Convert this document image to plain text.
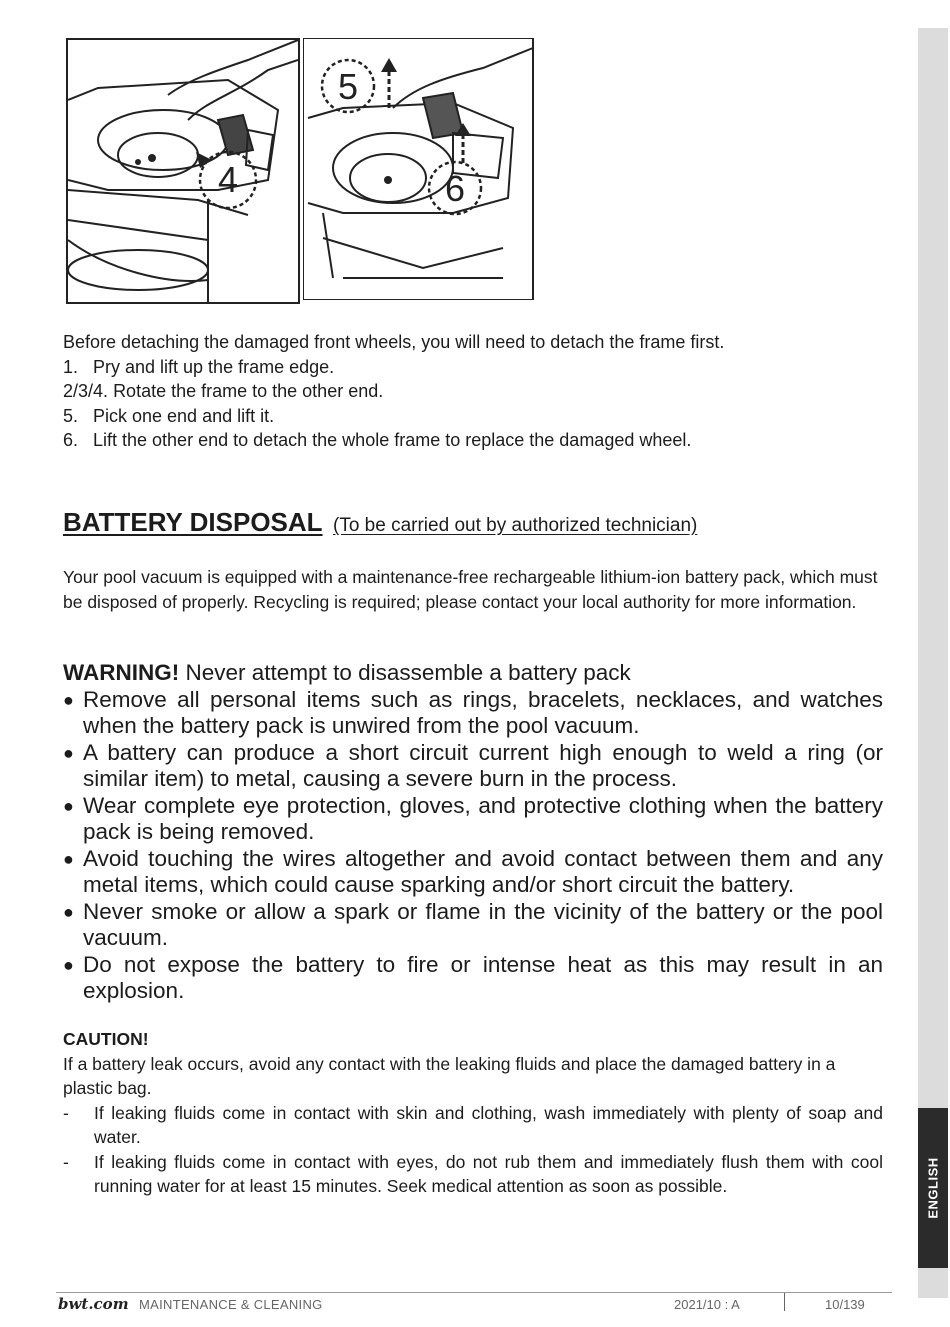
ENGLISH
4
5
6
Before detaching the damaged front wheels, you will need to detach the frame first.
1. Pry and lift up the frame edge.
2/3/4. Rotate the frame to the other end.
5. Pick one end and lift it.
6. Lift the other end to detach the whole frame to replace the damaged wheel.
BATTERY DISPOSAL (To be carried out by authorized technician)
Your pool vacuum is equipped with a maintenance-free rechargeable lithium-ion battery pack, which must be disposed of properly. Recycling is required; please contact your local authority for more information.
WARNING! Never attempt to disassemble a battery pack
● Remove all personal items such as rings, bracelets, necklaces, and watches when the battery pack is unwired from the pool vacuum.
● A battery can produce a short circuit current high enough to weld a ring (or similar item) to metal, causing a severe burn in the process.
● Wear complete eye protection, gloves, and protective clothing when the battery pack is being removed.
● Avoid touching the wires altogether and avoid contact between them and any metal items, which could cause sparking and/or short circuit the battery.
● Never smoke or allow a spark or flame in the vicinity of the battery or the pool vacuum.
● Do not expose the battery to fire or intense heat as this may result in an explosion.
CAUTION!
If a battery leak occurs, avoid any contact with the leaking fluids and place the damaged battery in a plastic bag.
-	If leaking fluids come in contact with skin and clothing, wash immediately with plenty of soap and water.
-	If leaking fluids come in contact with eyes, do not rub them and immediately flush them with cool running water for at least 15 minutes. Seek medical attention as soon as possible.
bwt.com MAINTENANCE & CLEANING	2021/10 : A	10/139
